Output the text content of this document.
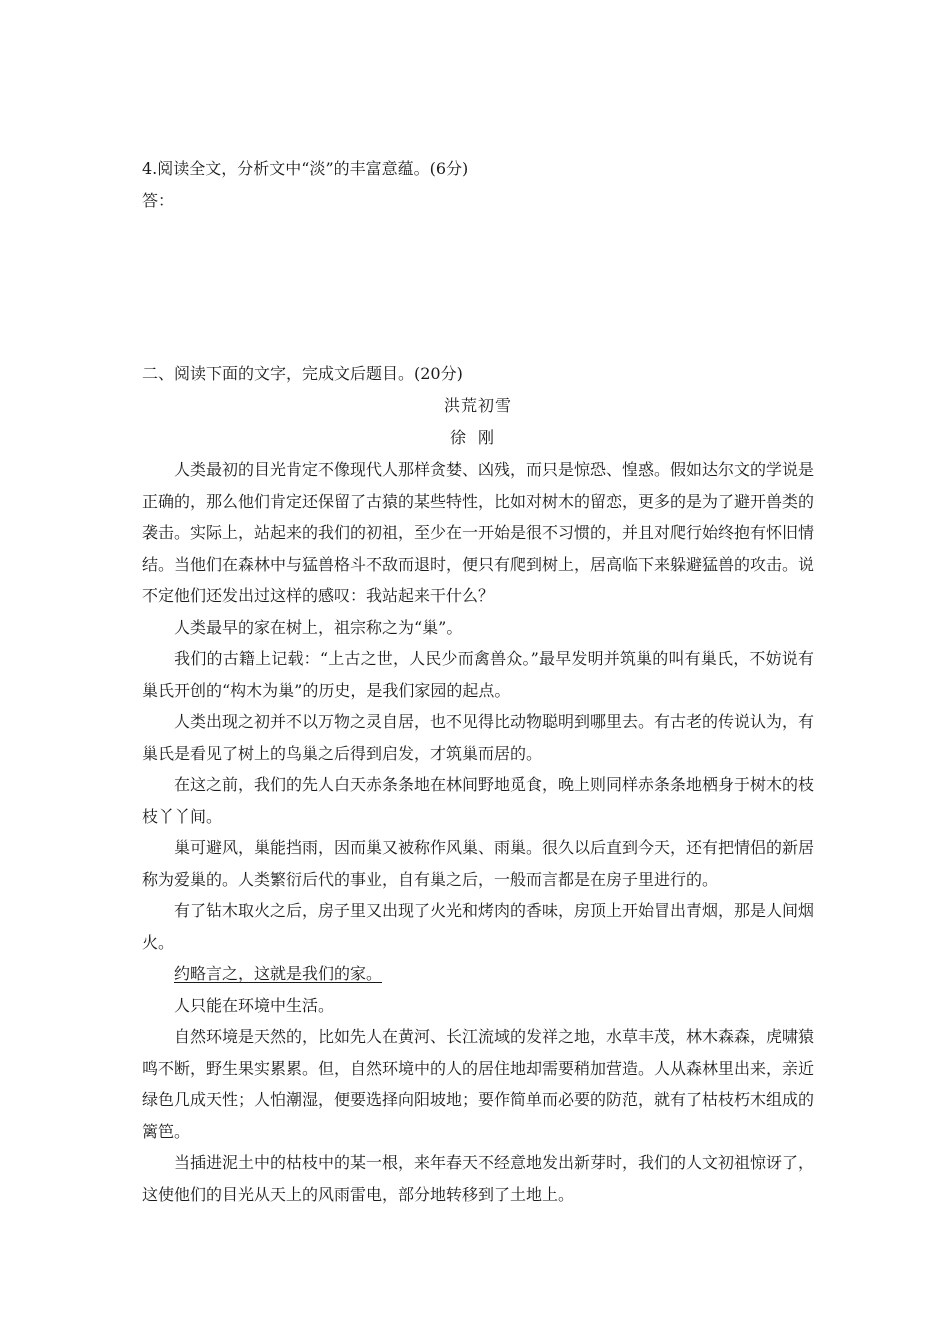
4.阅读全文，分析文中“淡”的丰富意蕴。(6分)

答：

二、阅读下面的文字，完成文后题目。(20分)

洪荒初雪
徐刚

人类最初的目光肯定不像现代人那样贪婪、凶残，而只是惊恐、惶惑。假如达尔文的学说是正确的，那么他们肯定还保留了古猿的某些特性，比如对树木的留恋，更多的是为了避开兽类的袭击。实际上，站起来的我们的初祖，至少在一开始是很不习惯的，并且对爬行始终抱有怀旧情结。当他们在森林中与猛兽格斗不敌而退时，便只有爬到树上，居高临下来躲避猛兽的攻击。说不定他们还发出过这样的感叹：我站起来干什么？

人类最早的家在树上，祖宗称之为“巢”。

我们的古籍上记载：“上古之世，人民少而禽兽众。”最早发明并筑巢的叫有巢氏，不妨说有巢氏开创的“构木为巢”的历史，是我们家园的起点。

人类出现之初并不以万物之灵自居，也不见得比动物聪明到哪里去。有古老的传说认为，有巢氏是看见了树上的鸟巢之后得到启发，才筑巢而居的。

在这之前，我们的先人白天赤条条地在林间野地觅食，晚上则同样赤条条地栖身于树木的枝枝丫丫间。

巢可避风，巢能挡雨，因而巢又被称作风巢、雨巢。很久以后直到今天，还有把情侣的新居称为爱巢的。人类繁衍后代的事业，自有巢之后，一般而言都是在房子里进行的。

有了钻木取火之后，房子里又出现了火光和烤肉的香味，房顶上开始冒出青烟，那是人间烟火。

约略言之，这就是我们的家。

人只能在环境中生活。

自然环境是天然的，比如先人在黄河、长江流域的发祥之地，水草丰茂，林木森森，虎啸猿鸣不断，野生果实累累。但，自然环境中的人的居住地却需要稍加营造。人从森林里出来，亲近绿色几成天性；人怕潮湿，便要选择向阳坡地；要作简单而必要的防范，就有了枯枝朽木组成的篱笆。

当插进泥土中的枯枝中的某一根，来年春天不经意地发出新芽时，我们的人文初祖惊讶了，这使他们的目光从天上的风雨雷电，部分地转移到了土地上。
